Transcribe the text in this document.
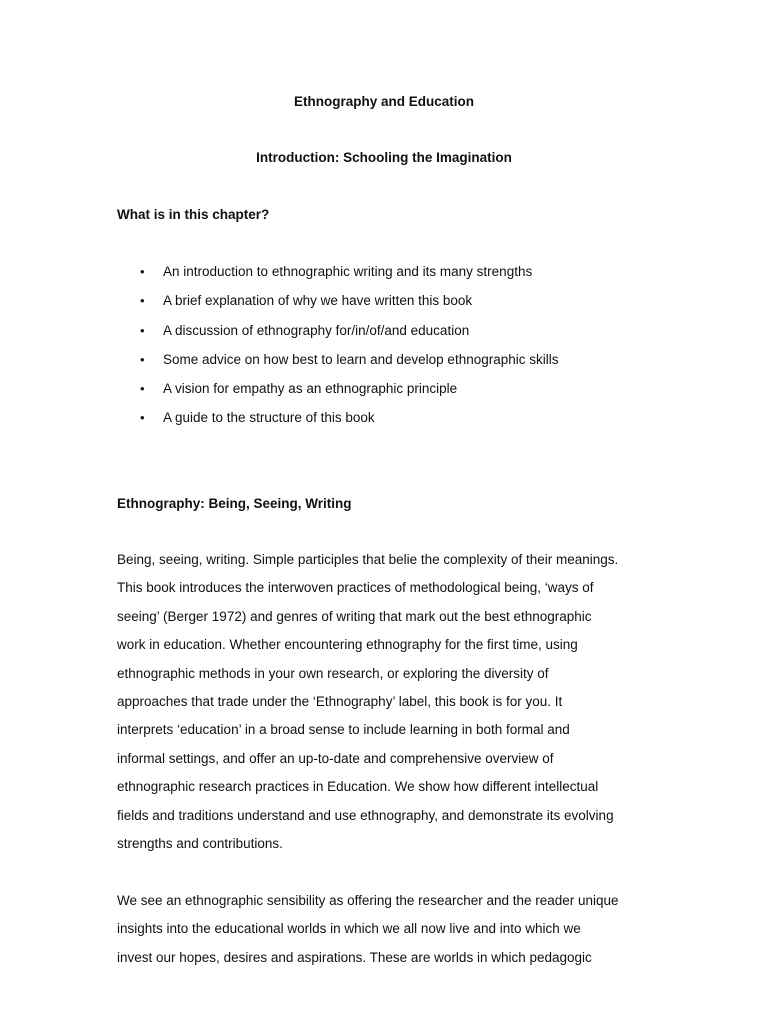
Ethnography and Education
Introduction: Schooling the Imagination
What is in this chapter?
• An introduction to ethnographic writing and its many strengths
• A brief explanation of why we have written this book
• A discussion of ethnography for/in/of/and education
• Some advice on how best to learn and develop ethnographic skills
• A vision for empathy as an ethnographic principle
• A guide to the structure of this book
Ethnography: Being, Seeing, Writing
Being, seeing, writing. Simple participles that belie the complexity of their meanings.
This book introduces the interwoven practices of methodological being, ‘ways of
seeing’ (Berger 1972) and genres of writing that mark out the best ethnographic
work in education. Whether encountering ethnography for the first time, using
ethnographic methods in your own research, or exploring the diversity of
approaches that trade under the ‘Ethnography’ label, this book is for you. It
interprets ‘education’ in a broad sense to include learning in both formal and
informal settings, and offer an up-to-date and comprehensive overview of
ethnographic research practices in Education. We show how different intellectual
fields and traditions understand and use ethnography, and demonstrate its evolving
strengths and contributions.
We see an ethnographic sensibility as offering the researcher and the reader unique
insights into the educational worlds in which we all now live and into which we
invest our hopes, desires and aspirations. These are worlds in which pedagogic
